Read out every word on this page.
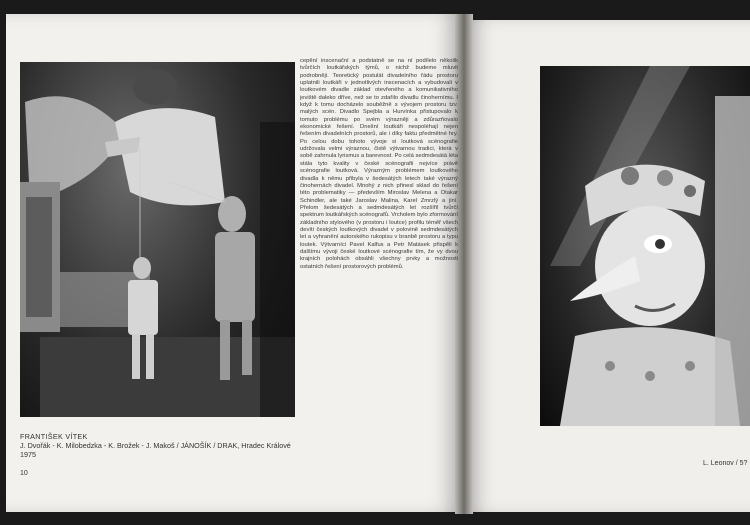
cepění inscenační a podstatně se na ní podílelo několik tvůrčích loutkářských týmů, o nichž budeme mluvit podrobněji. Teoretický postulát divadelního řádu prostoru uplatnili loutkáři v jednotlivých inscenacích a vybudovali v loutkovém divadle základ otevřeného a komunikativního jeviště daleko dříve, než se to zdařilo divadlu činohernímu. I když k tomu docházelo souběžně s vývojem prostoru tzv. malých scén. Divadlo Spejbla a Hurvínka přistupovalo k tomuto problému po svém výrazněji a zdůrazňovalo ekonomické řešení. Dnešní loutkáři nespoléhají nejen řešením divadelních prostorů, ale i díky faktu předmětné hry. Po celou dobu tohoto vývoje si loutková scénografie udržovala velmi výraznou, čistě výtvarnou tradici, která v sobě zahrnula lyrismus a barevnost. Po celá sedmdesátá léta stála tyto kvality v české scénografii nejvíce právě scénografie loutková. Výrazným problémem loutkového divadla k němu přibyla v šedesátých letech také výrazný činohernách divadel. Mnohý z nich přinesl sklad do řešení této problematiky — především Miroslav Melena a Otakar Schindler, ale také Jaroslav Malina, Karel Zmrzlý a jiní. Přelom šedesátých a sedmdesátých let rozšířil tvůrčí spektrum loutkářských scénografů. Vrcholem bylo zformování základního stylového (v prostoru i loutce) profilu téměř všech devíti českých loutkových divadel v polovině sedmdesátých let a vyhranění autorského rukopisu v branbě prostoru a typu loutek. Výtvarníci Pavel Kalfus a Petr Matásek přispěli k dalšímu vývoji české loutkové scénografie tím, že vy dvou krajních polohách obsáhli všechny prvky a možnosti ostatních řešení prostorových problémů.

FRANTIŠEK VÍTEK
J. Dvořák - K. Milobedzka - K. Brožek - J. Makoš / JÁNOŠÍK / DRAK, Hradec Králové 1975
10
L. Leonov / 5?
